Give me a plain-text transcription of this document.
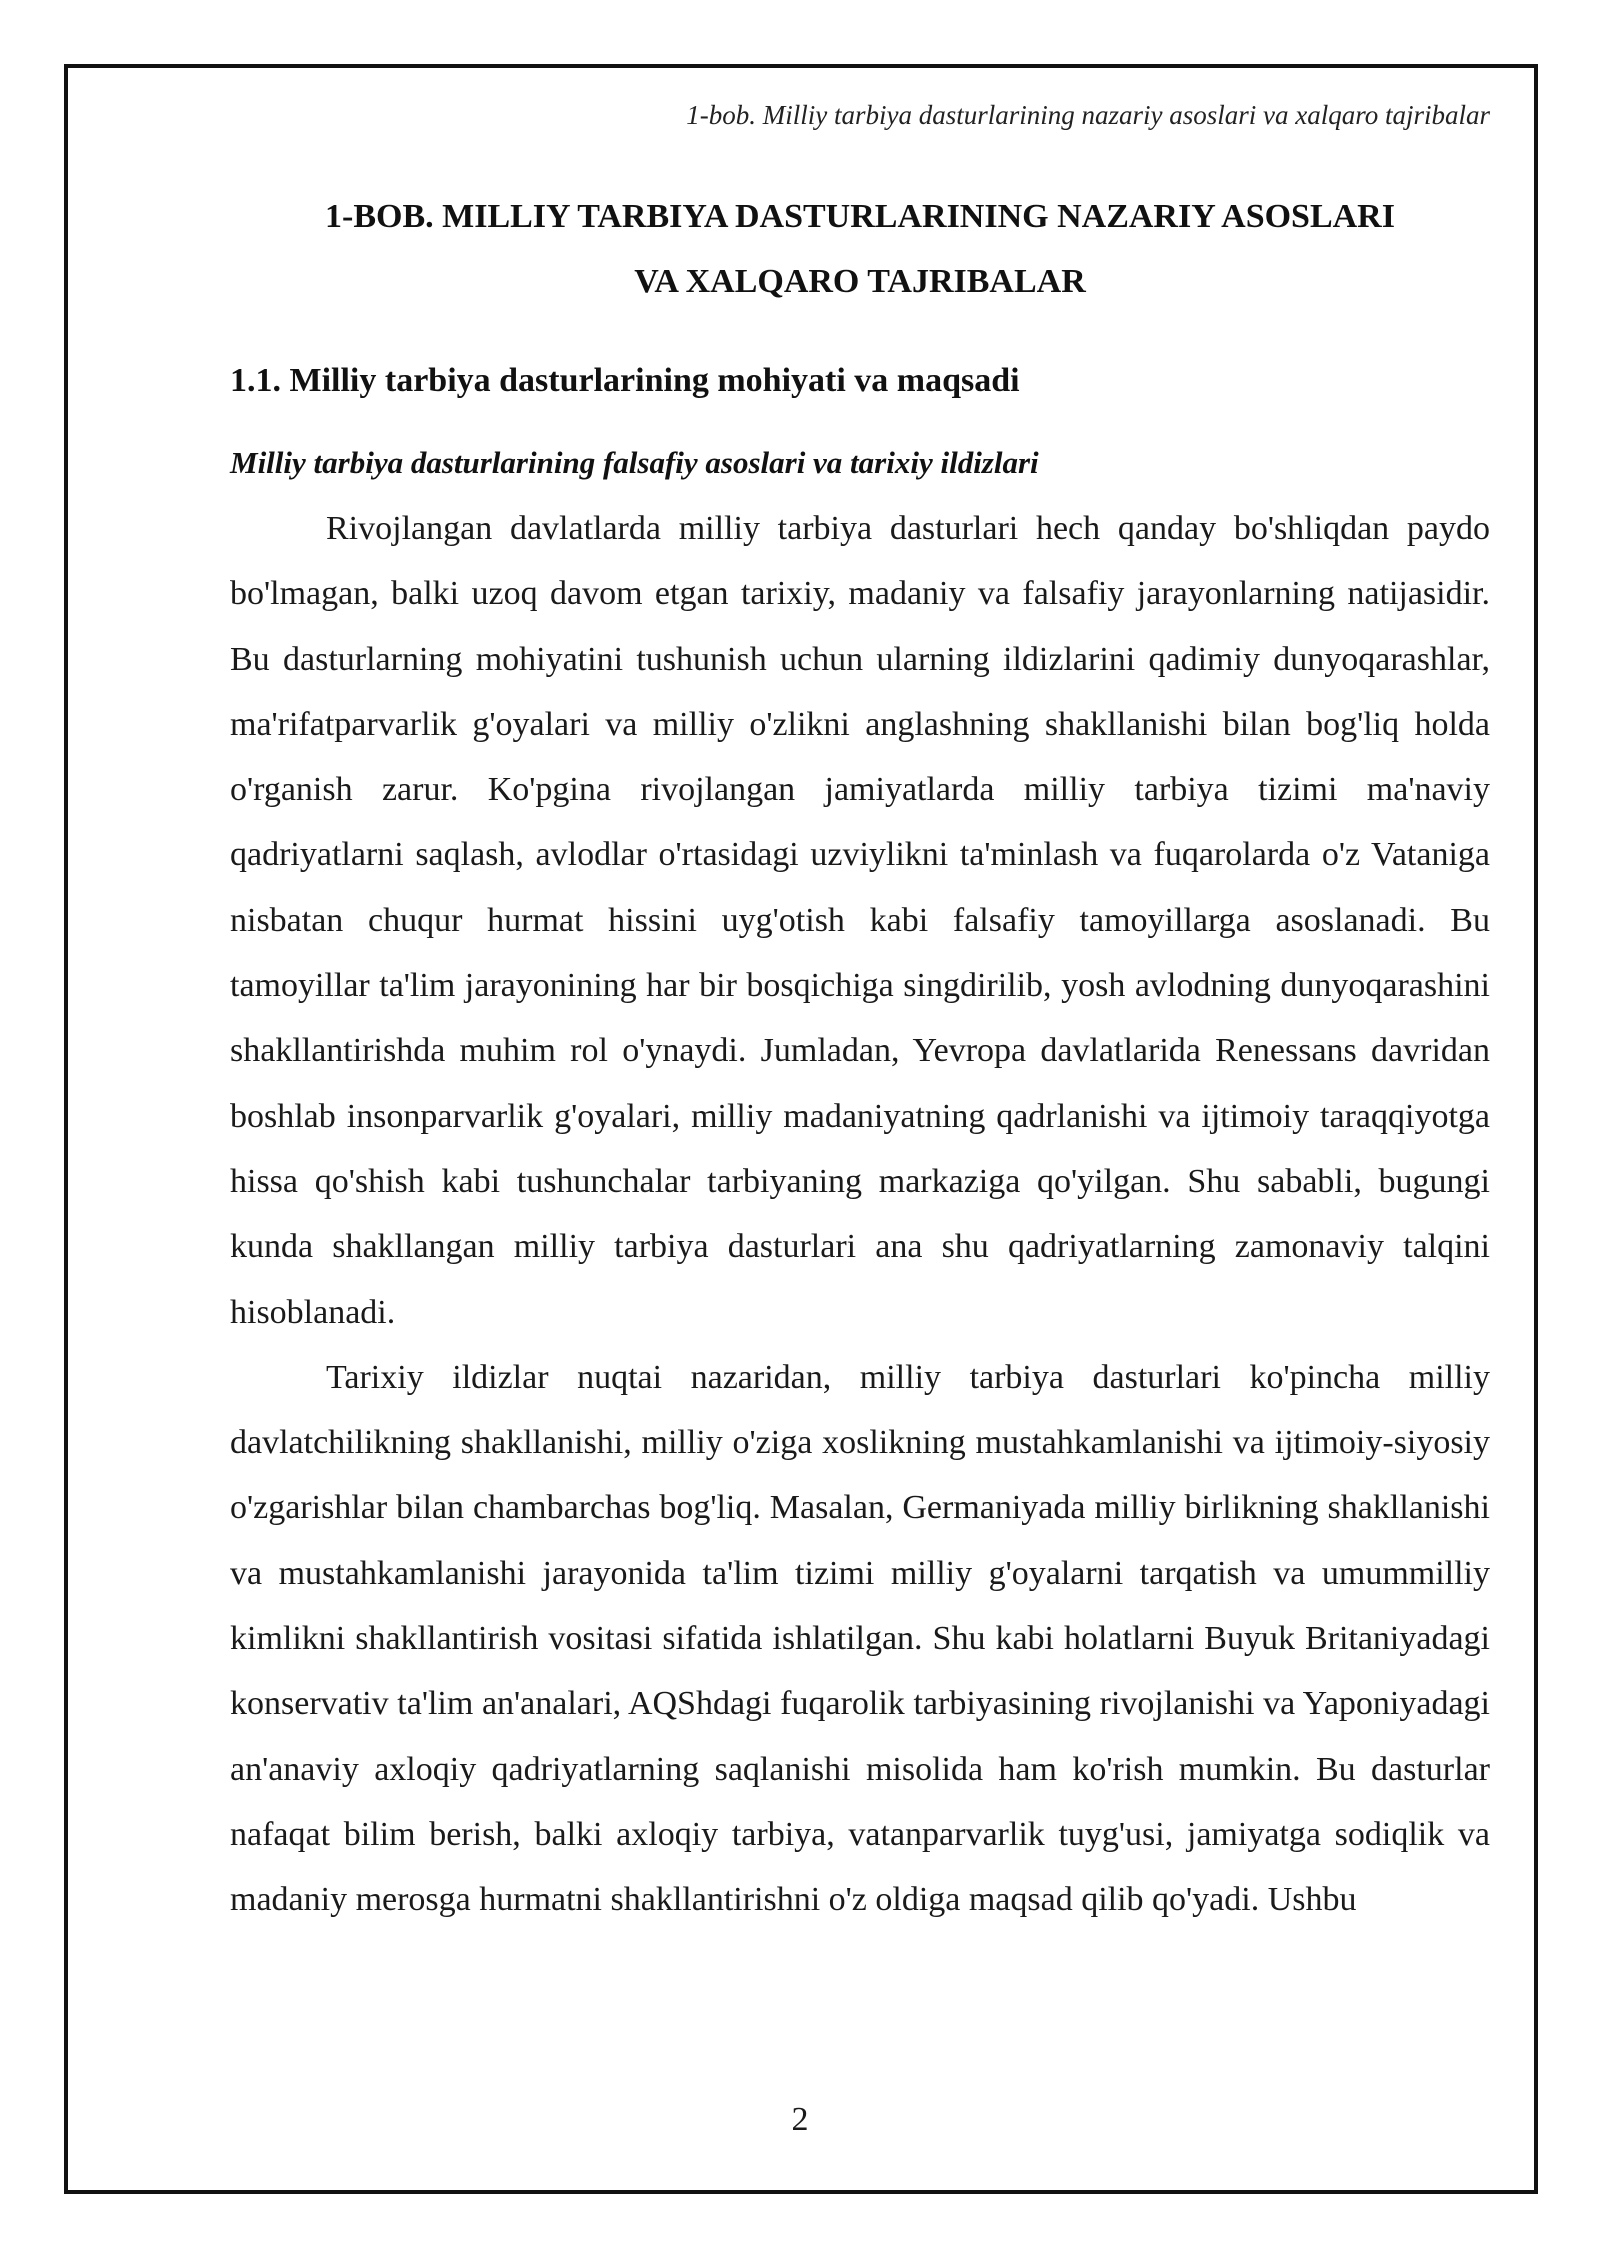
1-bob. Milliy tarbiya dasturlarining nazariy asoslari va xalqaro tajribalar
1-BOB. MILLIY TARBIYA DASTURLARINING NAZARIY ASOSLARI
VA XALQARO TAJRIBALAR
1.1. Milliy tarbiya dasturlarining mohiyati va maqsadi
Milliy tarbiya dasturlarining falsafiy asoslari va tarixiy ildizlari

Rivojlangan davlatlarda milliy tarbiya dasturlari hech qanday bo'shliqdan paydo bo'lmagan, balki uzoq davom etgan tarixiy, madaniy va falsafiy jarayonlarning natijasidir. Bu dasturlarning mohiyatini tushunish uchun ularning ildizlarini qadimiy dunyoqarashlar, ma'rifatparvarlik g'oyalari va milliy o'zlikni anglashning shakllanishi bilan bog'liq holda o'rganish zarur. Ko'pgina rivojlangan jamiyatlarda milliy tarbiya tizimi ma'naviy qadriyatlarni saqlash, avlodlar o'rtasidagi uzviylikni ta'minlash va fuqarolarda o'z Vataniga nisbatan chuqur hurmat hissini uyg'otish kabi falsafiy tamoyillarga asoslanadi. Bu tamoyillar ta'lim jarayonining har bir bosqichiga singdirilib, yosh avlodning dunyoqarashini shakllantirishda muhim rol o'ynaydi. Jumladan, Yevropa davlatlarida Renessans davridan boshlab insonparvarlik g'oyalari, milliy madaniyatning qadrlanishi va ijtimoiy taraqqiyotga hissa qo'shish kabi tushunchalar tarbiyaning markaziga qo'yilgan. Shu sababli, bugungi kunda shakllangan milliy tarbiya dasturlari ana shu qadriyatlarning zamonaviy talqini hisoblanadi.

Tarixiy ildizlar nuqtai nazaridan, milliy tarbiya dasturlari ko'pincha milliy davlatchilikning shakllanishi, milliy o'ziga xoslikning mustahkamlanishi va ijtimoiy-siyosiy o'zgarishlar bilan chambarchas bog'liq. Masalan, Germaniyada milliy birlikning shakllanishi va mustahkamlanishi jarayonida ta'lim tizimi milliy g'oyalarni tarqatish va umummilliy kimlikni shakllantirish vositasi sifatida ishlatilgan. Shu kabi holatlarni Buyuk Britaniyadagi konservativ ta'lim an'analari, AQShdagi fuqarolik tarbiyasining rivojlanishi va Yaponiyadagi an'anaviy axloqiy qadriyatlarning saqlanishi misolida ham ko'rish mumkin. Bu dasturlar nafaqat bilim berish, balki axloqiy tarbiya, vatanparvarlik tuyg'usi, jamiyatga sodiqlik va madaniy merosga hurmatni shakllantirishni o'z oldiga maqsad qilib qo'yadi. Ushbu

2
